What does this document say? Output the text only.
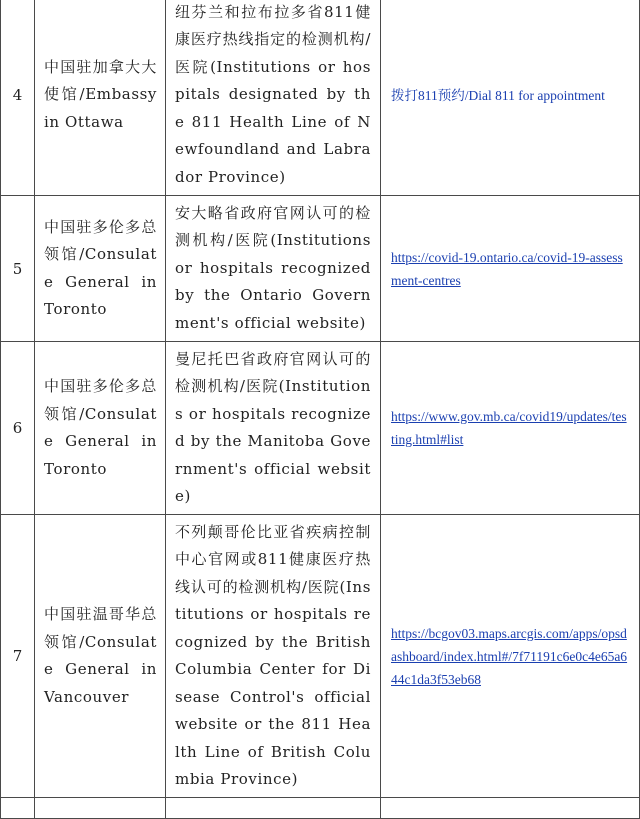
4	中国驻加拿大大使馆/Embassy in Ottawa	纽芬兰和拉布拉多省811健康医疗热线指定的检测机构/医院(Institutions or hospitals designated by the 811 Health Line of Newfoundland and Labrador Province)	拨打811预约/Dial 811 for appointment
5	中国驻多伦多总领馆/Consulate General in Toronto	安大略省政府官网认可的检测机构/医院(Institutions or hospitals recognized by the Ontario Government's official website)	https://covid-19.ontario.ca/covid-19-assessment-centres
6	中国驻多伦多总领馆/Consulate General in Toronto	曼尼托巴省政府官网认可的检测机构/医院(Institutions or hospitals recognized by the Manitoba Government's official website)	https://www.gov.mb.ca/covid19/updates/testing.html#list
7	中国驻温哥华总领馆/Consulate General in Vancouver	不列颠哥伦比亚省疾病控制中心官网或811健康医疗热线认可的检测机构/医院(Institutions or hospitals recognized by the British Columbia Center for Disease Control's official website or the 811 Health Line of British Columbia Province)	https://bcgov03.maps.arcgis.com/apps/opsdashboard/index.html#/7f71191c6e0c4e65a644c1da3f53eb68
